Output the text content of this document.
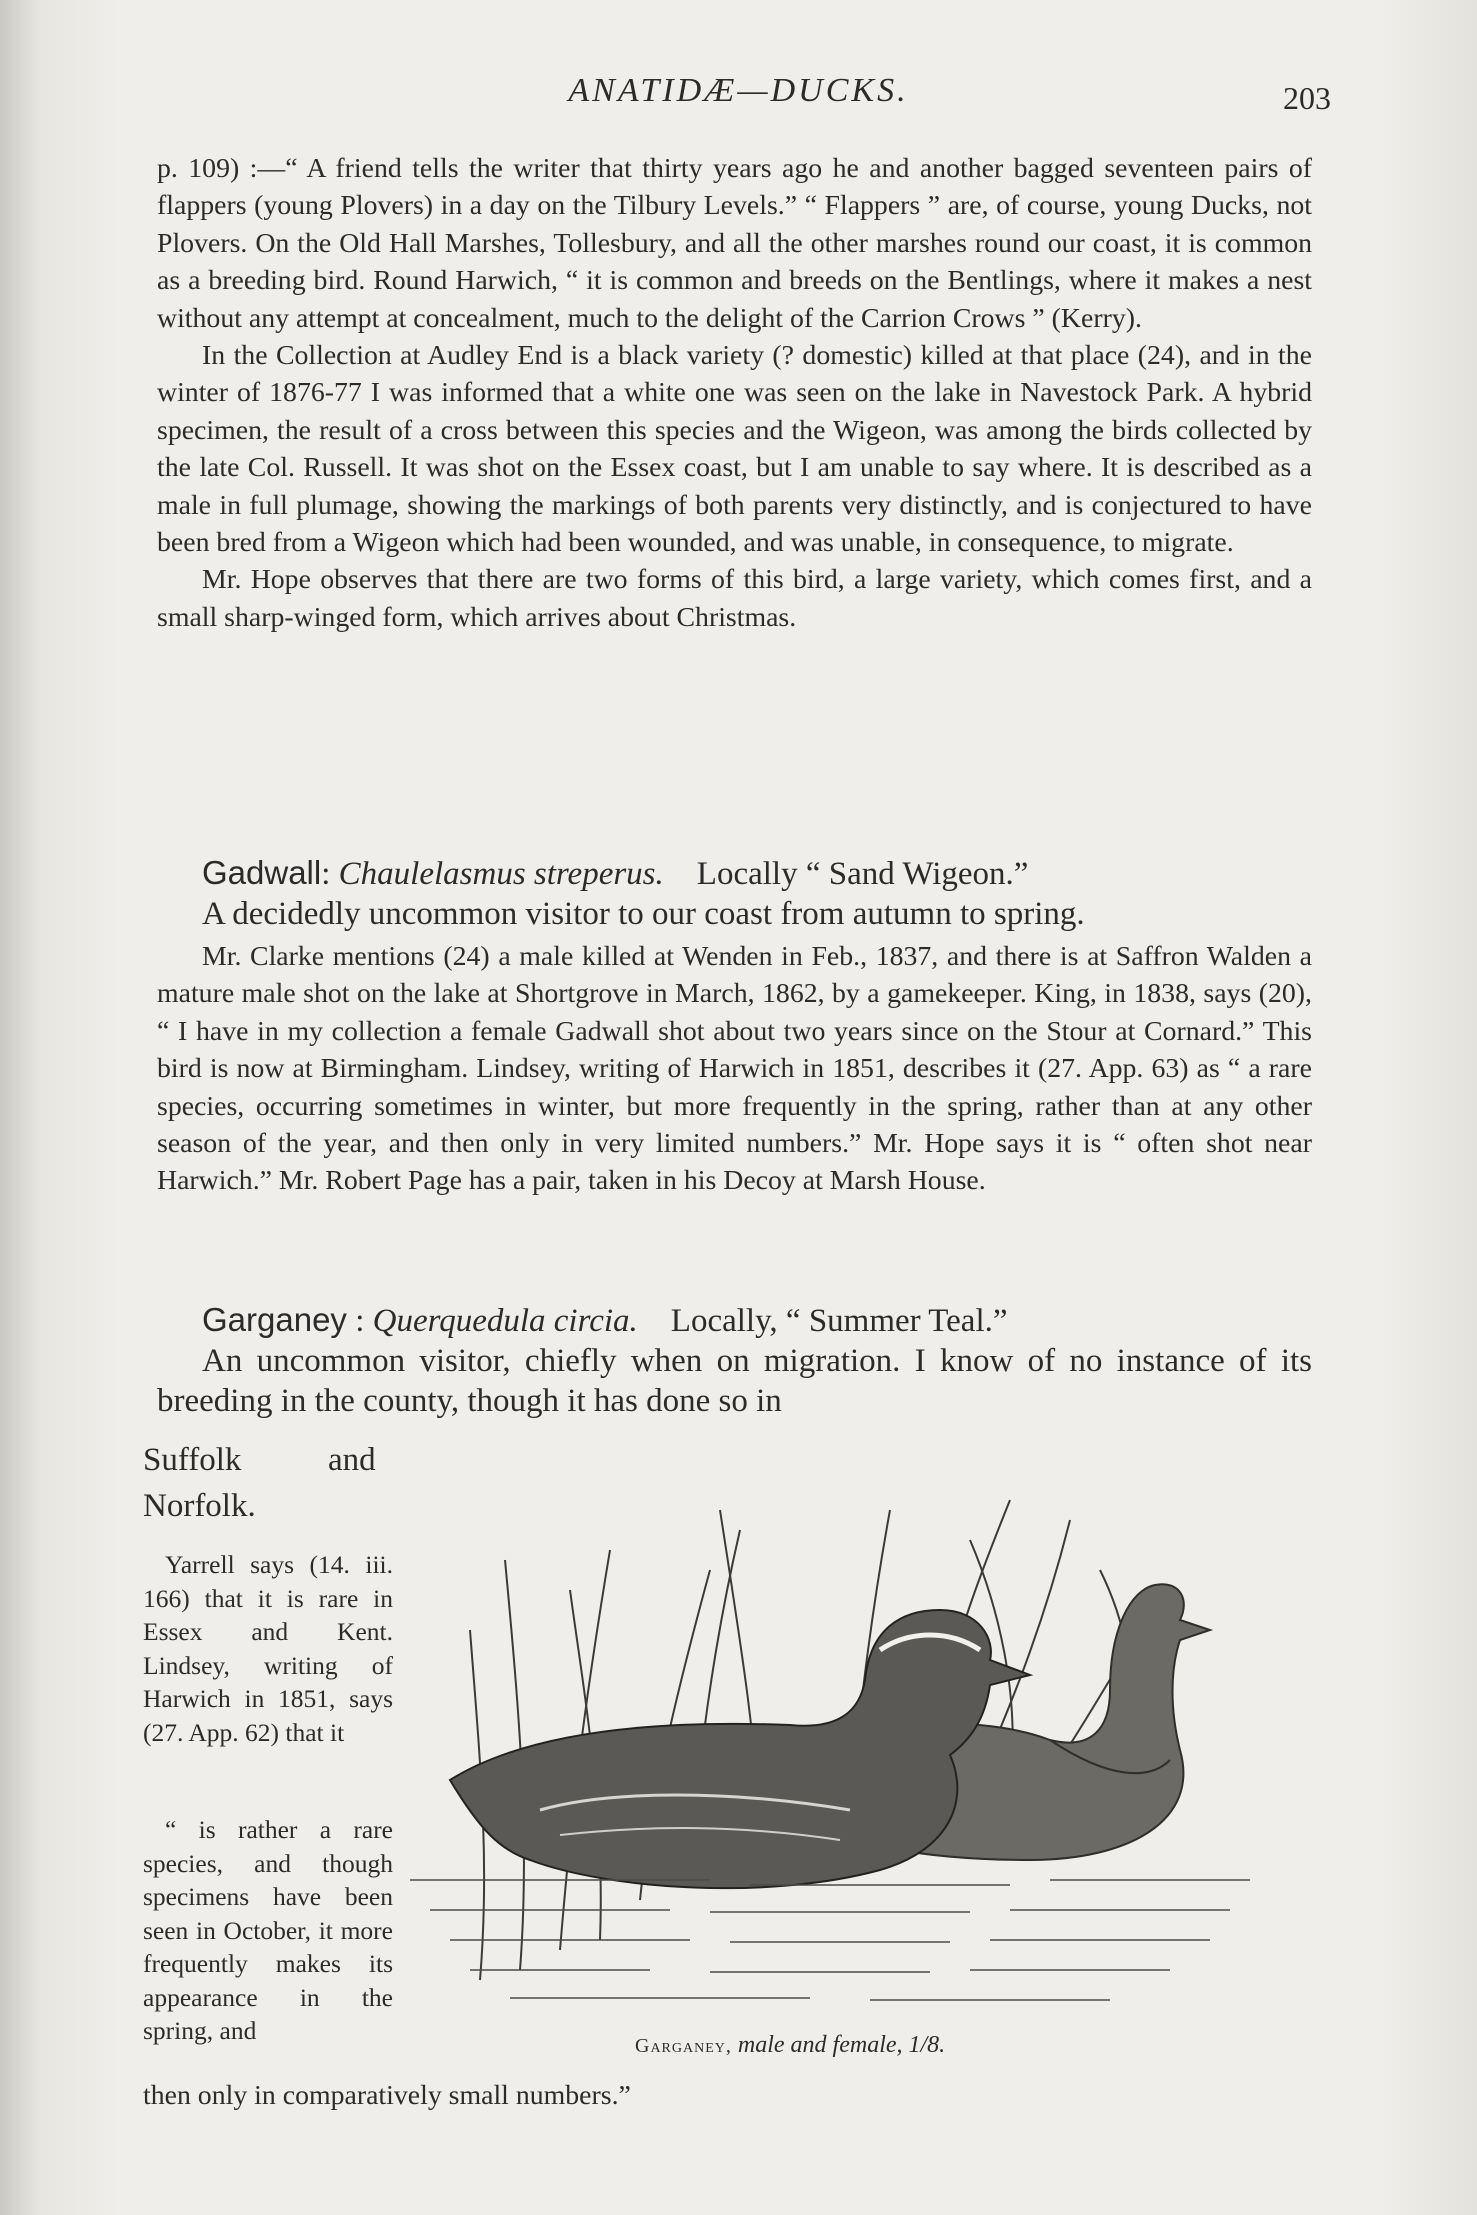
ANATIDÆ—DUCKS.	203

p. 109) :—“ A friend tells the writer that thirty years ago he and another bagged seventeen pairs of flappers (young Plovers) in a day on the Tilbury Levels.” “ Flappers ” are, of course, young Ducks, not Plovers. On the Old Hall Marshes, Tollesbury, and all the other marshes round our coast, it is common as a breeding bird. Round Harwich, “ it is common and breeds on the Bentlings, where it makes a nest without any attempt at concealment, much to the delight of the Carrion Crows ” (Kerry).

In the Collection at Audley End is a black variety (? domestic) killed at that place (24), and in the winter of 1876-77 I was informed that a white one was seen on the lake in Navestock Park. A hybrid specimen, the result of a cross between this species and the Wigeon, was among the birds collected by the late Col. Russell. It was shot on the Essex coast, but I am unable to say where. It is described as a male in full plumage, showing the markings of both parents very distinctly, and is conjectured to have been bred from a Wigeon which had been wounded, and was unable, in consequence, to migrate.

Mr. Hope observes that there are two forms of this bird, a large variety, which comes first, and a small sharp-winged form, which arrives about Christmas.

Gadwall: Chaulelasmus streperus. Locally “ Sand Wigeon.”

A decidedly uncommon visitor to our coast from autumn to spring.

Mr. Clarke mentions (24) a male killed at Wenden in Feb., 1837, and there is at Saffron Walden a mature male shot on the lake at Shortgrove in March, 1862, by a gamekeeper. King, in 1838, says (20), “ I have in my collection a female Gadwall shot about two years since on the Stour at Cornard.” This bird is now at Birmingham. Lindsey, writing of Harwich in 1851, describes it (27. App. 63) as “ a rare species, occurring sometimes in winter, but more frequently in the spring, rather than at any other season of the year, and then only in very limited numbers.” Mr. Hope says it is “ often shot near Harwich.” Mr. Robert Page has a pair, taken in his Decoy at Marsh House.

Garganey : Querquedula circia. Locally, “ Summer Teal.”

An uncommon visitor, chiefly when on migration. I know of no instance of its breeding in the county, though it has done so in

Suffolk	and
Norfolk.

Yarrell says (14. iii. 166) that it is rare in Essex and Kent. Lindsey, writing of Harwich in 1851, says (27. App. 62) that it

“ is rather a rare species, and though specimens have been seen in October, it more frequently makes its appearance in the spring, and

Garganey, male and female, 1/8.
then only in comparatively small numbers.”
